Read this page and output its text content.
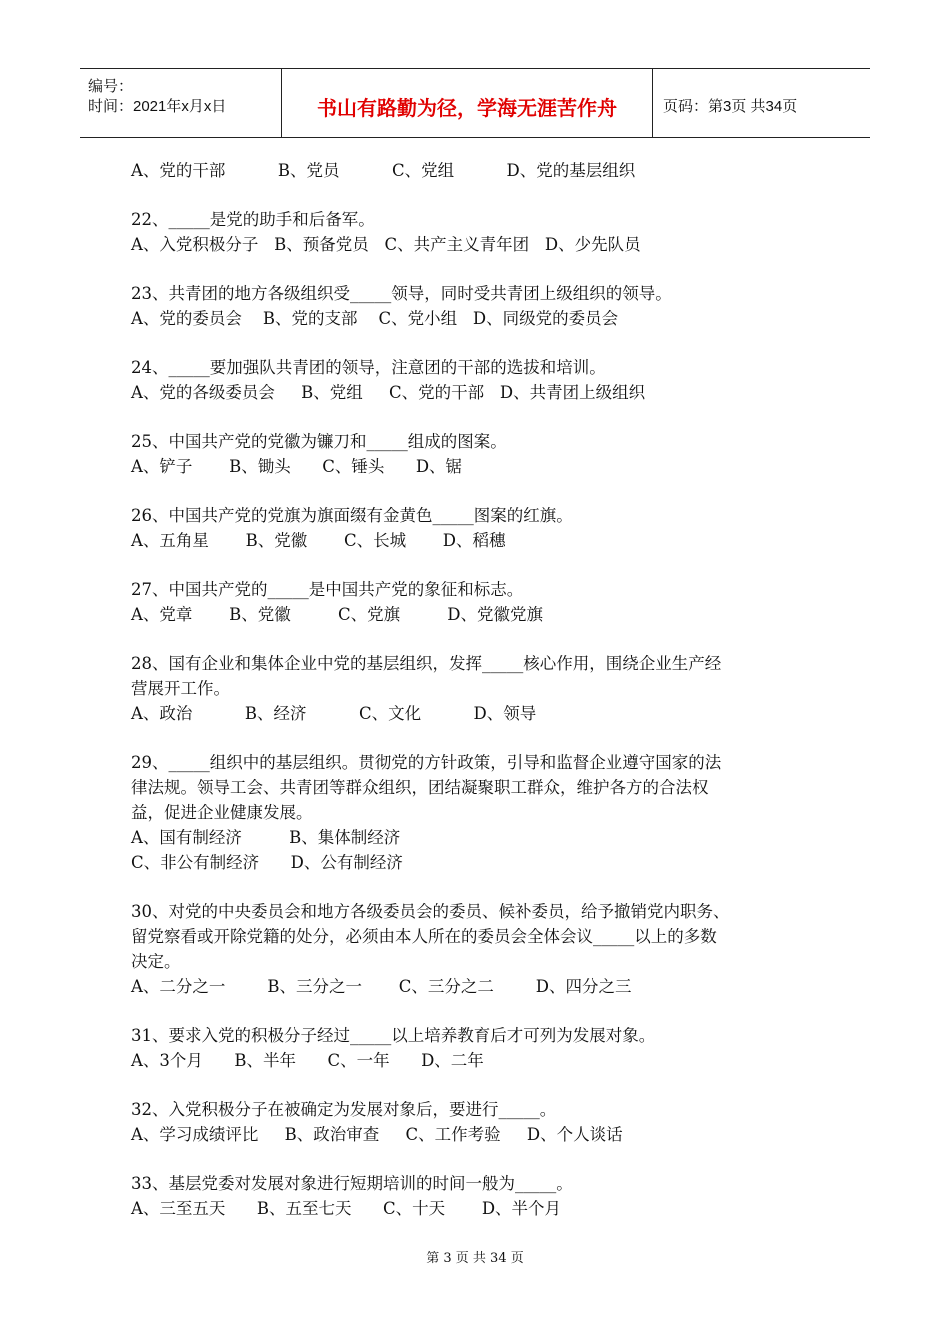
编号：
时间：2021年x月x日	书山有路勤为径，学海无涯苦作舟	页码：第3页 共34页
A、党的干部          B、党员          C、党组          D、党的基层组织
22、_____是党的助手和后备军。
A、入党积极分子   B、预备党员   C、共产主义青年团   D、少先队员
23、共青团的地方各级组织受_____领导，同时受共青团上级组织的领导。
A、党的委员会    B、党的支部    C、党小组   D、同级党的委员会
24、_____要加强队共青团的领导，注意团的干部的选拔和培训。
A、党的各级委员会     B、党组     C、党的干部   D、共青团上级组织
25、中国共产党的党徽为镰刀和_____组成的图案。
A、铲子       B、锄头      C、锤头      D、锯
26、中国共产党的党旗为旗面缀有金黄色_____图案的红旗。
A、五角星       B、党徽       C、长城       D、稻穗
27、中国共产党的_____是中国共产党的象征和标志。
A、党章       B、党徽         C、党旗         D、党徽党旗
28、国有企业和集体企业中党的基层组织，发挥_____核心作用，围绕企业生产经
营展开工作。
A、政治          B、经济          C、文化          D、领导
29、_____组织中的基层组织。贯彻党的方针政策，引导和监督企业遵守国家的法
律法规。领导工会、共青团等群众组织，团结凝聚职工群众，维护各方的合法权
益，促进企业健康发展。
A、国有制经济         B、集体制经济
C、非公有制经济      D、公有制经济
30、对党的中央委员会和地方各级委员会的委员、候补委员，给予撤销党内职务、
留党察看或开除党籍的处分，必须由本人所在的委员会全体会议_____以上的多数
决定。
A、二分之一        B、三分之一       C、三分之二        D、四分之三
31、要求入党的积极分子经过_____以上培养教育后才可列为发展对象。
A、3个月      B、半年      C、一年      D、二年
32、入党积极分子在被确定为发展对象后，要进行_____。
A、学习成绩评比     B、政治审查     C、工作考验     D、个人谈话
33、基层党委对发展对象进行短期培训的时间一般为_____。
A、三至五天      B、五至七天      C、十天       D、半个月
第 3 页 共 34 页
